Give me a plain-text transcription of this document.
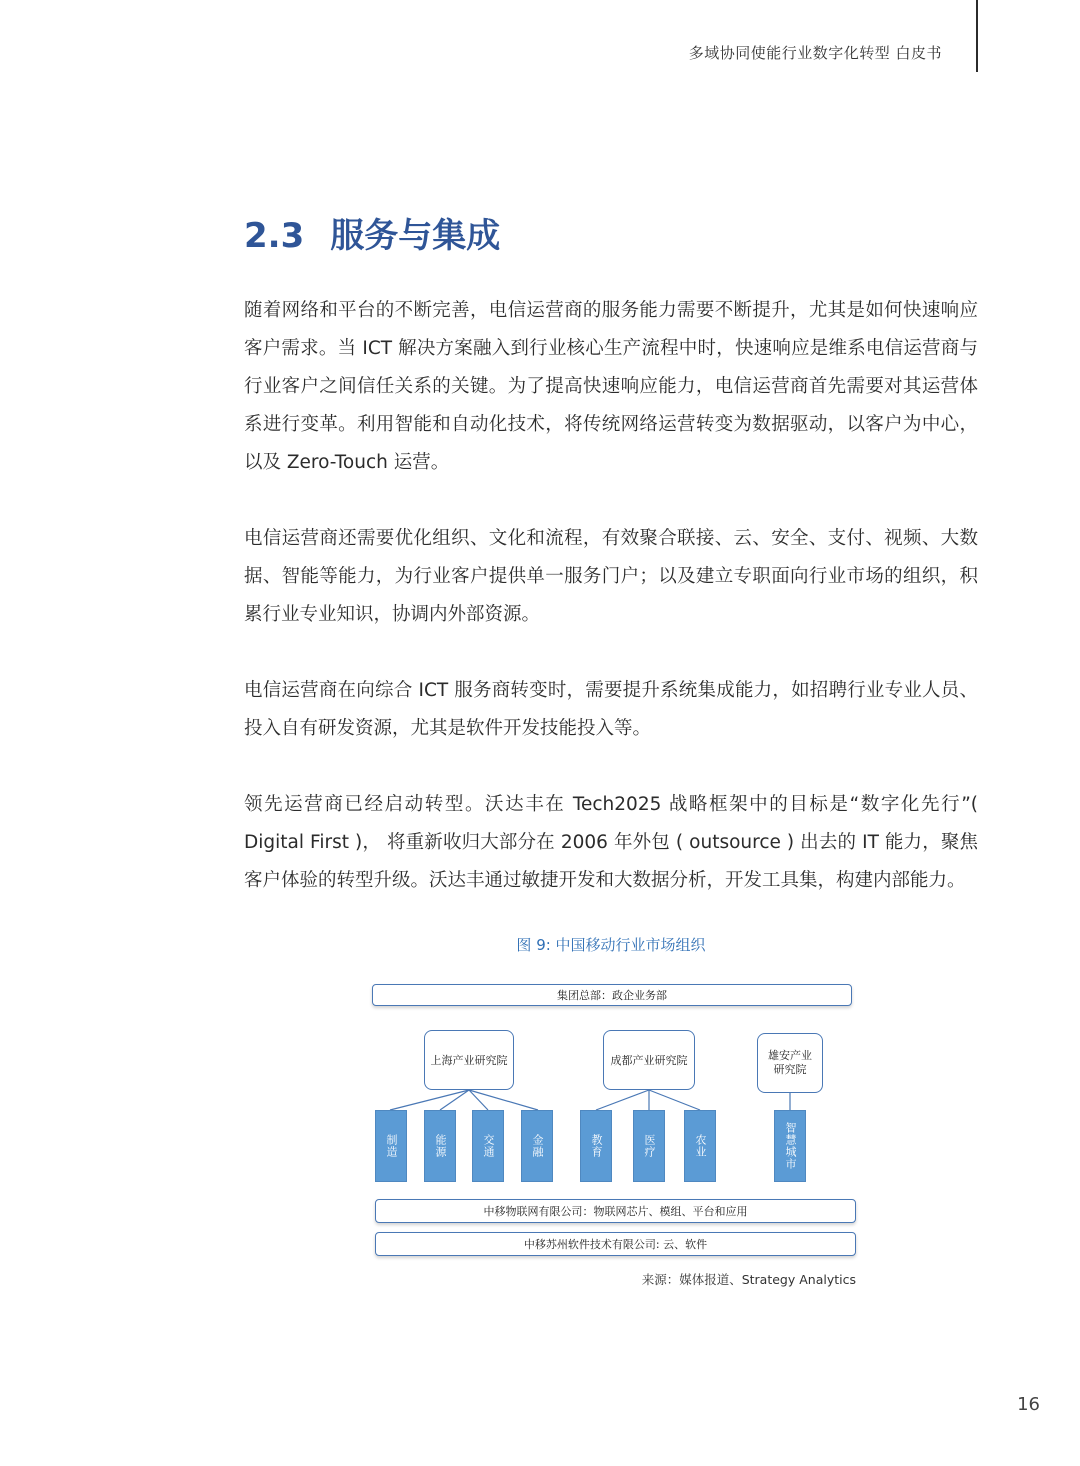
多域协同使能行业数字化转型 白皮书
2.3 服务与集成

随着网络和平台的不断完善，电信运营商的服务能力需要不断提升，尤其是如何快速响应客户需求。当 ICT 解决方案融入到行业核心生产流程中时，快速响应是维系电信运营商与行业客户之间信任关系的关键。为了提高快速响应能力，电信运营商首先需要对其运营体系进行变革。利用智能和自动化技术，将传统网络运营转变为数据驱动，以客户为中心，以及 Zero-Touch 运营。

电信运营商还需要优化组织、文化和流程，有效聚合联接、云、安全、支付、视频、大数据、智能等能力，为行业客户提供单一服务门户；以及建立专职面向行业市场的组织，积累行业专业知识，协调内外部资源。

电信运营商在向综合 ICT 服务商转变时，需要提升系统集成能力，如招聘行业专业人员、投入自有研发资源，尤其是软件开发技能投入等。

领先运营商已经启动转型。沃达丰在 Tech2025 战略框架中的目标是“数字化先行”( Digital First )， 将重新收归大部分在 2006 年外包 ( outsource ) 出去的 IT 能力，聚焦客户体验的转型升级。沃达丰通过敏捷开发和大数据分析，开发工具集，构建内部能力。

图 9: 中国移动行业市场组织
集团总部：政企业务部
上海产业研究院	成都产业研究院	雄安产业研究院
制造	能源	交通	金融	教育	医疗	农业	智慧城市
中移物联网有限公司：物联网芯片、模组、平台和应用
中移苏州软件技术有限公司: 云、软件
来源：媒体报道、Strategy Analytics
16
